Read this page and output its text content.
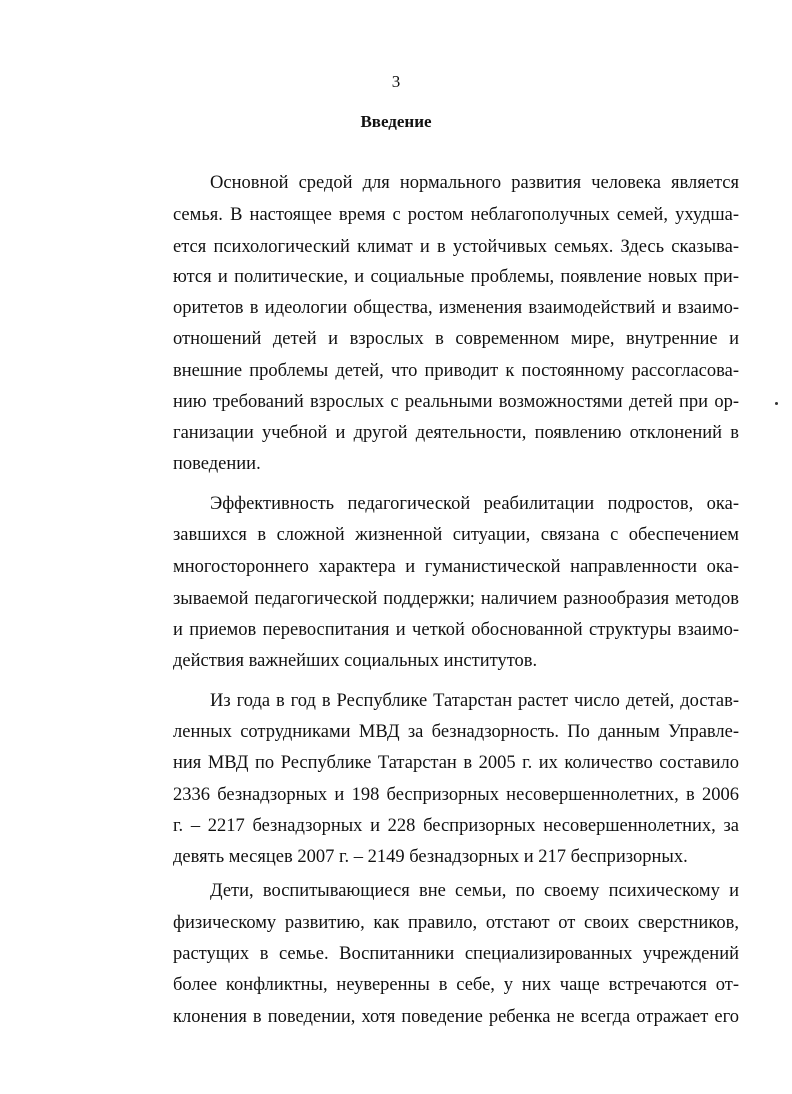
3
Введение
Основной средой для нормального развития человека является
семья. В настоящее время с ростом неблагополучных семей, ухудша-
ется психологический климат и в устойчивых семьях. Здесь сказыва-
ются и политические, и социальные проблемы, появление новых при-
оритетов в идеологии общества, изменения взаимодействий и взаимо-
отношений детей и взрослых в современном мире, внутренние и
внешние проблемы детей, что приводит к постоянному рассогласова-
нию требований взрослых с реальными возможностями детей при ор-
ганизации учебной и другой деятельности, появлению отклонений в
поведении.
Эффективность педагогической реабилитации подростов, ока-
завшихся в сложной жизненной ситуации, связана с обеспечением
многостороннего характера и гуманистической направленности ока-
зываемой педагогической поддержки; наличием разнообразия методов
и приемов перевоспитания и четкой обоснованной структуры взаимо-
действия важнейших социальных институтов.
Из года в год в Республике Татарстан растет число детей, достав-
ленных сотрудниками МВД за безнадзорность. По данным Управле-
ния МВД по Республике Татарстан в 2005 г. их количество составило
2336 безнадзорных и 198 беспризорных несовершеннолетних, в 2006
г. – 2217 безнадзорных и 228 беспризорных несовершеннолетних, за
девять месяцев 2007 г. – 2149 безнадзорных и 217 беспризорных.
Дети, воспитывающиеся вне семьи, по своему психическому и
физическому развитию, как правило, отстают от своих сверстников,
растущих в семье. Воспитанники специализированных учреждений
более конфликтны, неуверенны в себе, у них чаще встречаются от-
клонения в поведении, хотя поведение ребенка не всегда отражает его
